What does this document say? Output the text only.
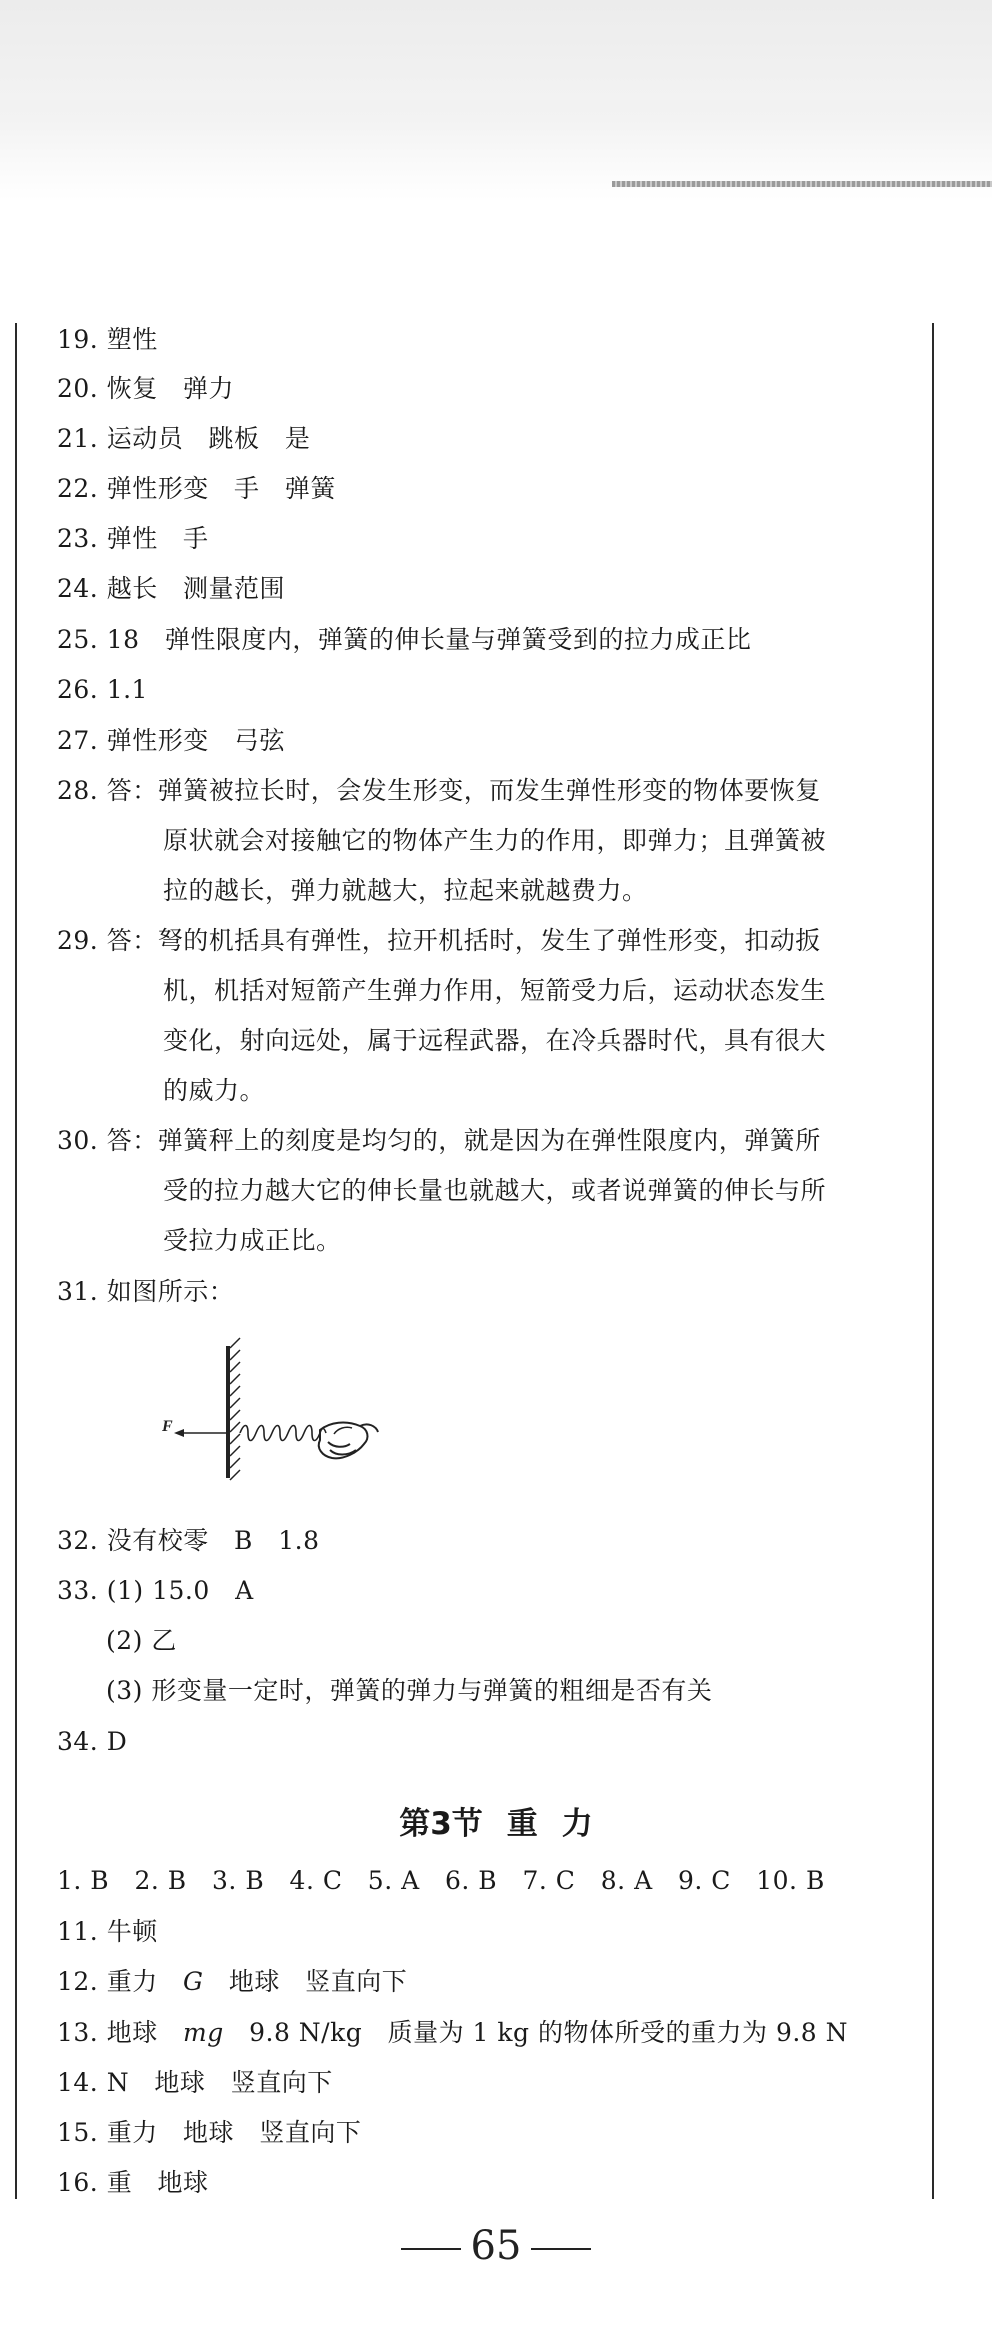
19. 塑性
20. 恢复   弹力
21. 运动员   跳板   是
22. 弹性形变   手   弹簧
23. 弹性   手
24. 越长   测量范围
25. 18   弹性限度内，弹簧的伸长量与弹簧受到的拉力成正比
26. 1.1
27. 弹性形变   弓弦
28. 答：弹簧被拉长时，会发生形变，而发生弹性形变的物体要恢复
原状就会对接触它的物体产生力的作用，即弹力；且弹簧被
拉的越长，弹力就越大，拉起来就越费力。
29. 答：弩的机括具有弹性，拉开机括时，发生了弹性形变，扣动扳
机，机括对短箭产生弹力作用，短箭受力后，运动状态发生
变化，射向远处，属于远程武器，在冷兵器时代，具有很大
的威力。
30. 答：弹簧秤上的刻度是均匀的，就是因为在弹性限度内，弹簧所
受的拉力越大它的伸长量也就越大，或者说弹簧的伸长与所
受拉力成正比。
31. 如图所示：
F
32. 没有校零   B   1.8
33. (1) 15.0   A
(2) 乙
(3) 形变量一定时，弹簧的弹力与弹簧的粗细是否有关
34. D
第3节 重 力
1. B   2. B   3. B   4. C   5. A   6. B   7. C   8. A   9. C   10. B
11. 牛顿
12. 重力   G   地球   竖直向下
13. 地球   mg   9.8 N/kg   质量为 1 kg 的物体所受的重力为 9.8 N
14. N   地球   竖直向下
15. 重力   地球   竖直向下
16. 重   地球
65
